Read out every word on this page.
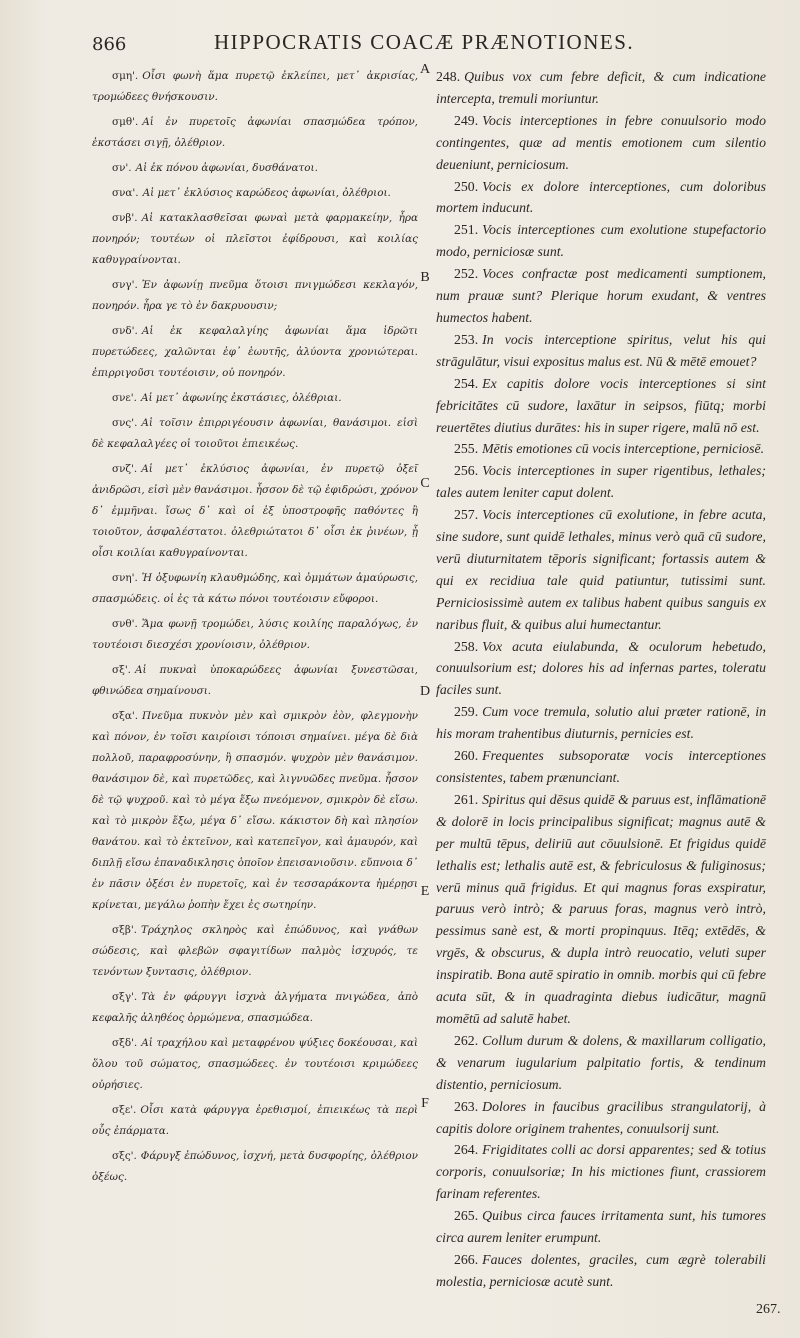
866	HIPPOCRATIS COACÆ PRÆNOTIONES.

σμη'. Οἷσι φωνὴ ἅμα πυρετῷ ἐκλείπει, μετ᾽ ἀκρισίας, τρομώδεες θνήσκουσιν.

σμθ'. Αἱ ἐν πυρετοῖς ἀφωνίαι σπασμώδεα τρόπον, ἐκστάσει σιγῇ, ὀλέθριον.

σν'. Αἱ ἐκ πόνου ἀφωνίαι, δυσθάνατοι.

σνα'. Αἱ μετ᾽ ἐκλύσιος καρώδεος ἀφωνίαι, ὀλέθριοι.

σνβ'. Αἱ κατακλασθεῖσαι φωναὶ μετὰ φαρμακείην, ἧρα πονηρόν; τουτέων οἱ πλεῖστοι ἐφίδρουσι, καὶ κοιλίας καθυγραίνονται.

σνγ'. Ἐν ἀφωνίῃ πνεῦμα ὅτοισι πνιγμώδεσι κεκλαγόν, πονηρόν. ἦρα γε τὸ ἐν δακρυουσιν;

σνδ'. Αἱ ἐκ κεφαλαλγίης ἀφωνίαι ἅμα ἱδρῶτι πυρετώδεες, χαλῶνται ἐφ᾽ ἑωυτῆς, ἀλύοντα χρονιώτεραι. ἐπιρριγοῦσι τουτέοισιν, οὐ πονηρόν.

σνε'. Αἱ μετ᾽ ἀφωνίης ἐκστάσιες, ὀλέθριαι.

σνς'. Αἱ τοῖσιν ἐπιρριγέουσιν ἀφωνίαι, θανάσιμοι. εἰσὶ δὲ κεφαλαλγέες οἱ τοιοῦτοι ἐπιεικέως.

σνζ'. Αἱ μετ᾽ ἐκλύσιος ἀφωνίαι, ἐν πυρετῷ ὀξεῖ ἀνιδρῶσι, εἰσὶ μὲν θανάσιμοι. ἧσσον δὲ τῷ ἐφιδρώσι, χρόνον δ᾽ ἐμμῆναι. ἴσως δ᾽ καὶ οἱ ἐξ ὑποστροφῆς παθόντες ἢ τοιοῦτον, ἀσφαλέστατοι. ὀλεθριώτατοι δ᾽ οἷσι ἐκ ῥινέων, ᾗ οἷσι κοιλίαι καθυγραίνονται.

σνη'. Ἡ ὀξυφωνίη κλαυθμώδης, καὶ ὀμμάτων ἀμαύρωσις, σπασμώδεις. οἱ ἐς τὰ κάτω πόνοι τουτέοισιν εὔφοροι.

σνθ'. Ἅμα φωνῇ τρομώδει, λύσις κοιλίης παραλόγως, ἐν τουτέοισι διεσχέσι χρονίοισιν, ὀλέθριον.

σξ'. Αἱ πυκναὶ ὑποκαρώδεες ἀφωνίαι ξυνεστῶσαι, φθινώδεα σημαίνουσι.

σξα'. Πνεῦμα πυκνὸν μὲν καὶ σμικρὸν ἐὸν, φλεγμονὴν καὶ πόνον, ἐν τοῖσι καιρίοισι τόποισι σημαίνει. μέγα δὲ διὰ πολλοῦ, παραφροσύνην, ἢ σπασμόν. ψυχρὸν μὲν θανάσιμον. θανάσιμον δὲ, καὶ πυρετῶδες, καὶ λιγνυῶδες πνεῦμα. ἧσσον δὲ τῷ ψυχροῦ. καὶ τὸ μέγα ἔξω πνεόμενον, σμικρὸν δὲ εἴσω. καὶ τὸ μικρὸν ἔξω, μέγα δ᾽ εἴσω. κάκιστον δὴ καὶ πλησίον θανάτου. καὶ τὸ ἐκτεῖνον, καὶ κατεπεῖγον, καὶ ἀμαυρόν, καὶ διπλῇ εἴσω ἐπαναδικλησις ὁποῖον ἐπεισανιοῦσιν. εὔπνοια δ᾽ ἐν πᾶσιν ὀξέσι ἐν πυρετοῖς, καὶ ἐν τεσσαράκοντα ἡμέρῃσι κρίνεται, μεγάλω ῥοπὴν ἔχει ἐς σωτηρίην.

σξβ'. Τράχηλος σκληρὸς καὶ ἐπώδυνος, καὶ γνάθων σώδεσις, καὶ φλεβῶν σφαγιτίδων παλμὸς ἰσχυρός, τε τενόντων ξυντασις, ὀλέθριον.

σξγ'. Τὰ ἐν φάρυγγι ἰσχνὰ ἀλγήματα πνιγώδεα, ἀπὸ κεφαλῆς ἀληθέος ὁρμώμενα, σπασμώδεα.

σξδ'. Αἱ τραχήλου καὶ μεταφρένου ψύξιες δοκέουσαι, καὶ ὅλου τοῦ σώματος, σπασμώδεες. ἐν τουτέοισι κριμώδεες οὐρήσιες.

σξε'. Οἷσι κατὰ φάρυγγα ἐρεθισμοί, ἐπιεικέως τὰ περὶ οὖς ἐπάρματα.

σξς'. Φάρυγξ ἐπώδυνος, ἰσχνή, μετὰ δυσφορίης, ὀλέθριον ὀξέως.

248. Quibus vox cum febre deficit, & cum indicatione intercepta, tremuli moriuntur.

249. Vocis interceptiones in febre conuulsorio modo contingentes, quæ ad mentis emotionem cum silentio deueniunt, perniciosum.

250. Vocis ex dolore interceptiones, cum doloribus mortem inducunt.

251. Vocis interceptiones cum exolutione stupefactorio modo, perniciosæ sunt.

252. Voces confractæ post medicamenti sumptionem, num prauæ sunt? Plerique horum exudant, & ventres humectos habent.

253. In vocis interceptione spiritus, velut his qui strāgulātur, visui expositus malus est. Nū & mētē emouet?

254. Ex capitis dolore vocis interceptiones si sint febricitātes cū sudore, laxātur in seipsos, fiūtq; morbi reuertētes diutius durātes: his in super rigere, malū nō est.

255. Mētis emotiones cū vocis interceptione, perniciosē.

256. Vocis interceptiones in super rigentibus, lethales; tales autem leniter caput dolent.

257. Vocis interceptiones cū exolutione, in febre acuta, sine sudore, sunt quidē lethales, minus verò quā cū sudore, verū diuturnitatem tēporis significant; fortassis autem & qui ex recidiua tale quid patiuntur, tutissimi sunt. Perniciosissimè autem ex talibus habent quibus sanguis ex naribus fluit, & quibus alui humectantur.

258. Vox acuta eiulabunda, & oculorum hebetudo, conuulsorium est; dolores his ad infernas partes, toleratu faciles sunt.

259. Cum voce tremula, solutio alui præter rationē, in his moram trahentibus diuturnis, pernicies est.

260. Frequentes subsoporatæ vocis interceptiones consistentes, tabem prænunciant.

261. Spiritus qui dēsus quidē & paruus est, inflāmationē & dolorē in locis principalibus significat; magnus autē & per multū tēpus, deliriū aut cōuulsionē. Et frigidus quidē lethalis est; lethalis autē est, & febriculosus & fuliginosus; verū minus quā frigidus. Et qui magnus foras exspiratur, paruus verò intrò; & paruus foras, magnus verò intrò, pessimus sanè est, & morti propinquus. Itēq; extēdēs, & vrgēs, & obscurus, & dupla intrò reuocatio, veluti super inspiratib. Bona autē spiratio in omnib. morbis qui cū febre acuta sūt, & in quadraginta diebus iudicātur, magnū momētū ad salutē habet.

262. Collum durum & dolens, & maxillarum colligatio, & venarum iugularium palpitatio fortis, & tendinum distentio, perniciosum.

263. Dolores in faucibus gracilibus strangulatorij, à capitis dolore originem trahentes, conuulsorij sunt.

264. Frigiditates colli ac dorsi apparentes; sed & totius corporis, conuulsoriæ; In his mictiones fiunt, crassiorem farinam referentes.

265. Quibus circa fauces irritamenta sunt, his tumores circa aurem leniter erumpunt.

266. Fauces dolentes, graciles, cum ægrè tolerabili molestia, perniciosæ acutè sunt.

A
B
C
D
E
F
267.
